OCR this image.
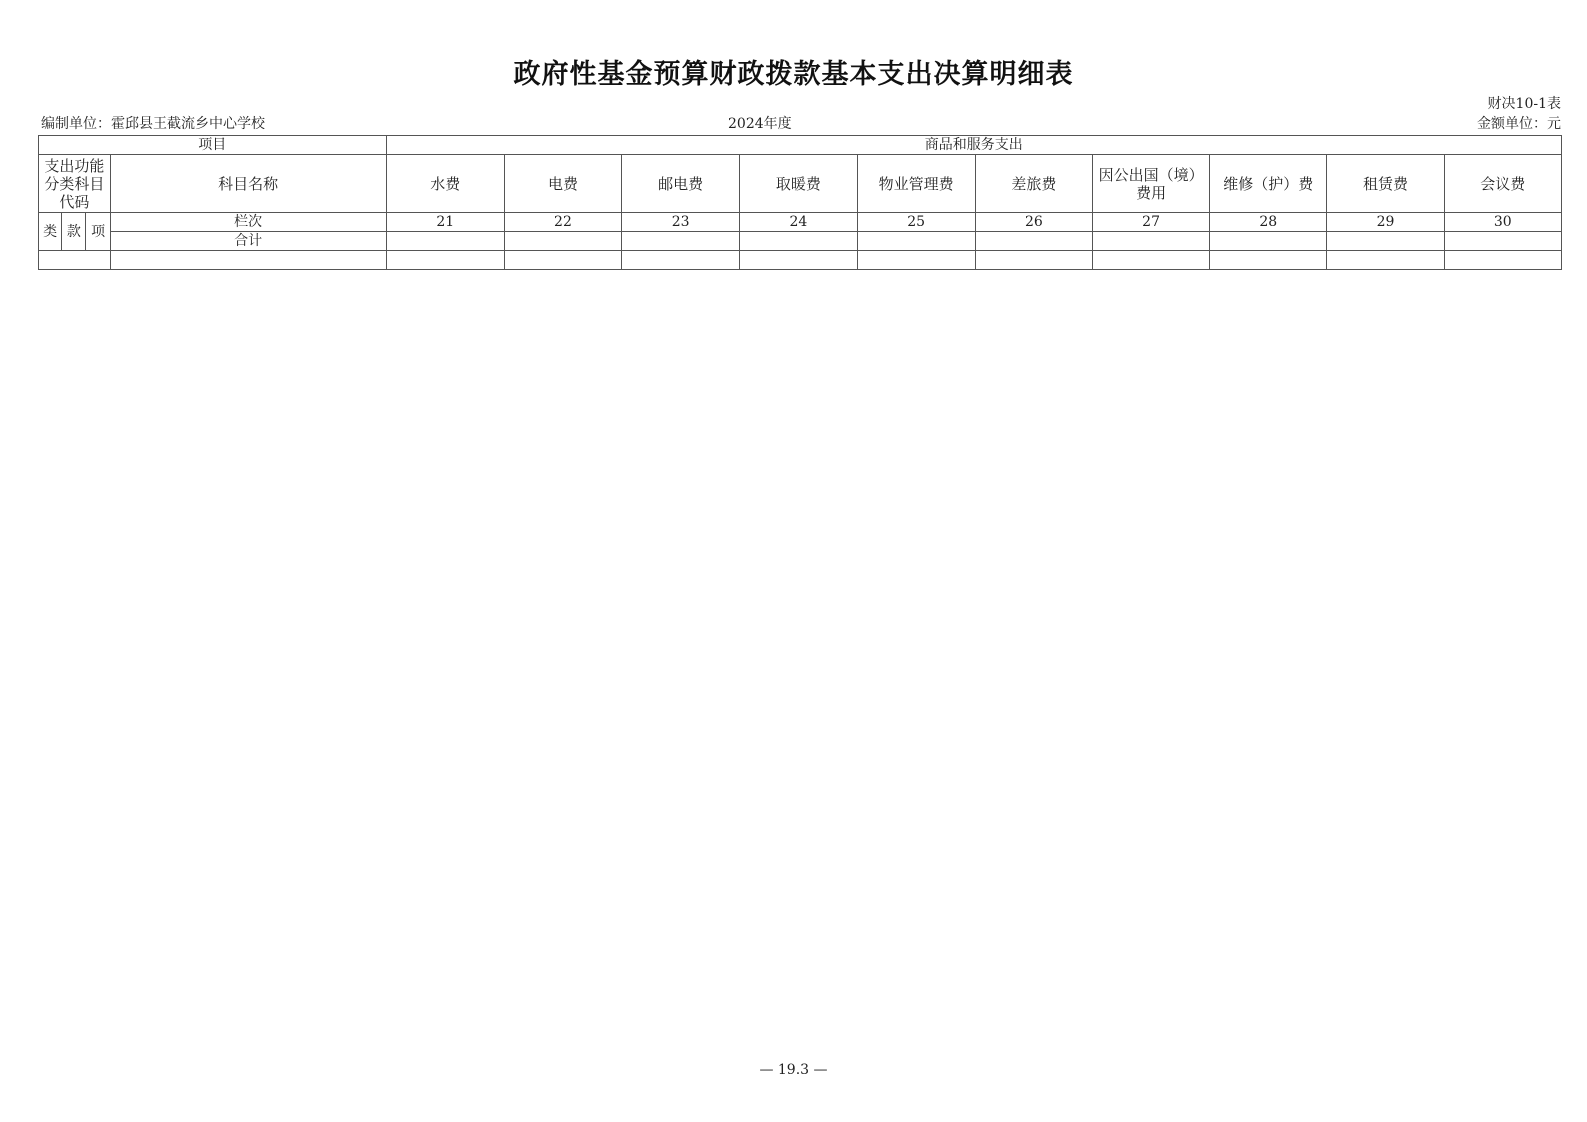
政府性基金预算财政拨款基本支出决算明细表
财决10-1表
编制单位：霍邱县王截流乡中心学校	2024年度	金额单位：元
项目				商品和服务支出									
支出功能分类科目代码			科目名称	水费	电费	邮电费	取暖费	物业管理费	差旅费	因公出国（境）费用	维修（护）费	租赁费	会议费
类	款	项	栏次	21	22	23	24	25	26	27	28	29	30
			合计										

— 19.3 —
